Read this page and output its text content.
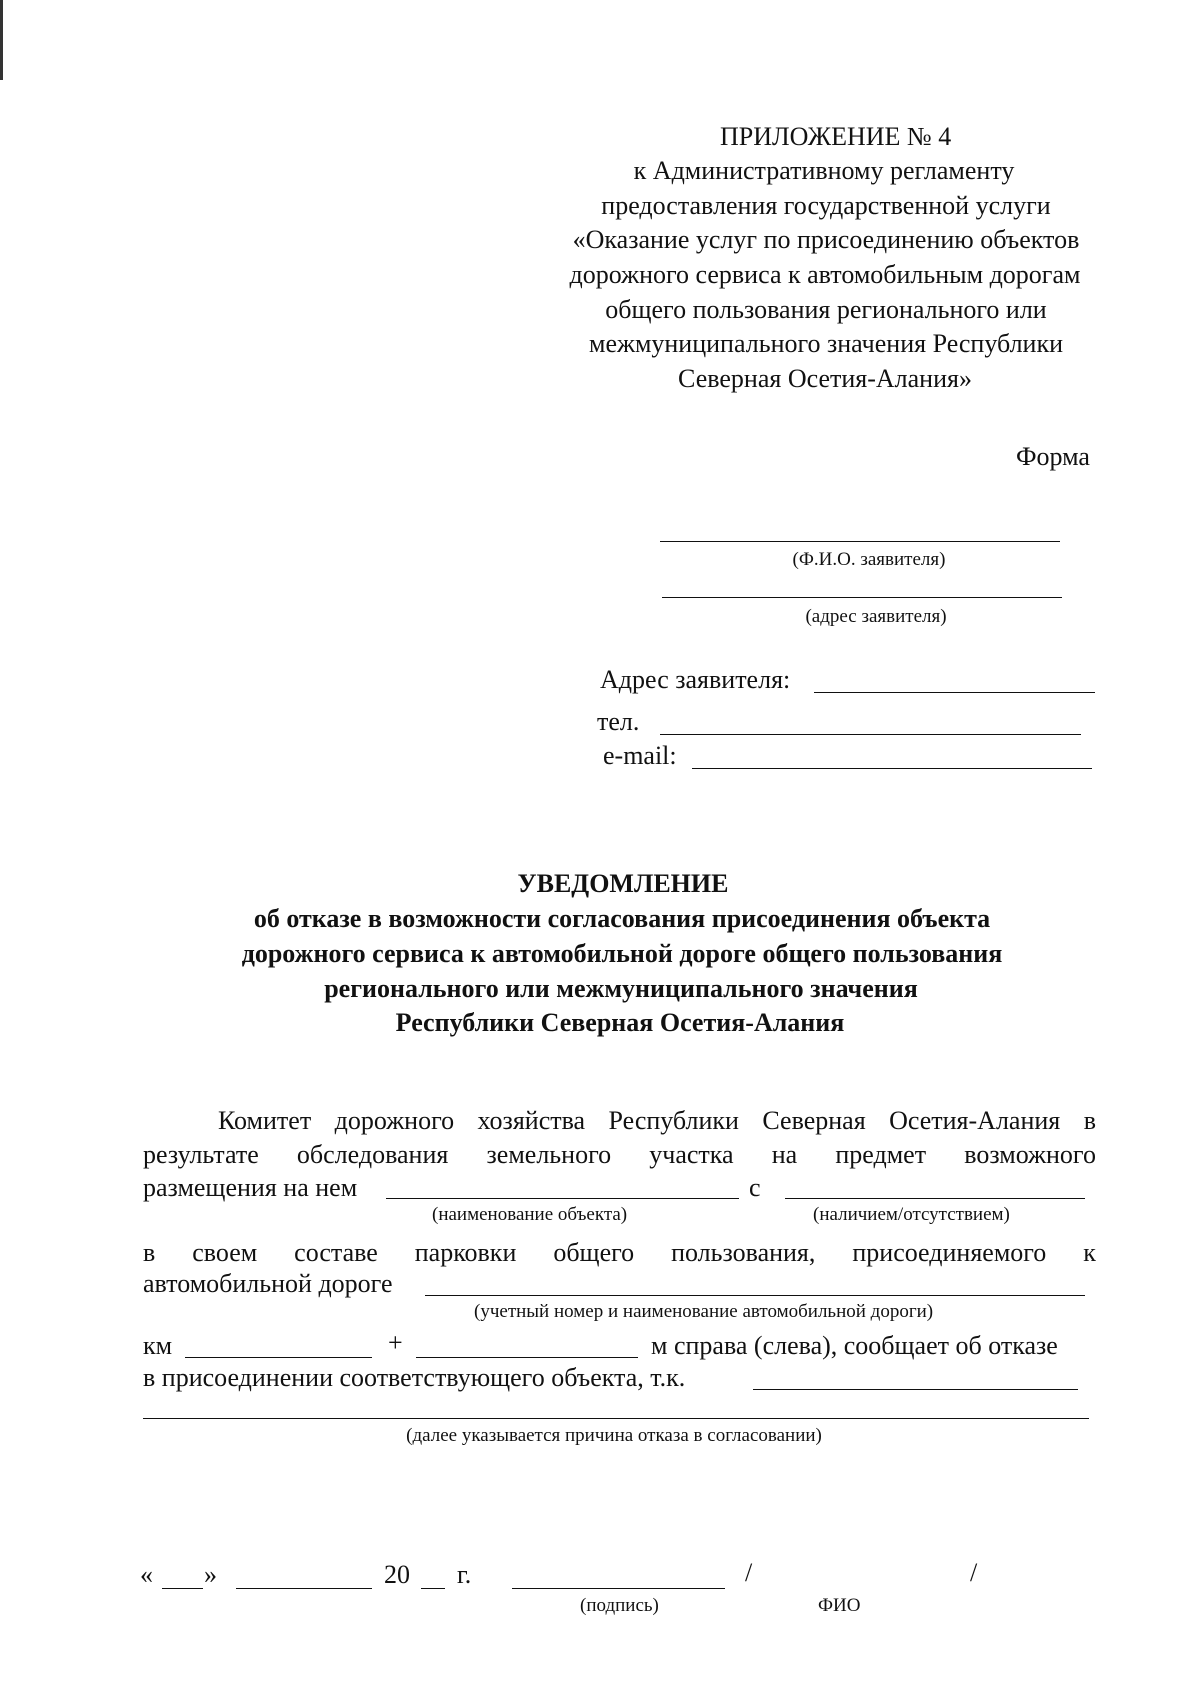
ПРИЛОЖЕНИЕ № 4
к Административному регламенту
предоставления государственной услуги
«Оказание услуг по присоединению объектов
дорожного сервиса к автомобильным дорогам
общего пользования регионального или
межмуниципального значения Республики
Северная Осетия-Алания»
Форма
(Ф.И.О. заявителя)
(адрес заявителя)
Адрес заявителя:
тел.
e-mail:
УВЕДОМЛЕНИЕ
об отказе в возможности согласования присоединения объекта
дорожного сервиса к автомобильной дороге общего пользования
регионального или межмуниципального значения
Республики Северная Осетия-Алания
Комитет дорожного хозяйства Республики Северная Осетия-Алания в
результате обследования земельного участка на предмет возможного
размещения на нем	с
(наименование объекта)	(наличием/отсутствием)
в своем составе парковки общего пользования, присоединяемого к
автомобильной дороге
(учетный номер и наименование автомобильной дороги)
км	+	м справа (слева), сообщает об отказе
в присоединении соответствующего объекта, т.к.
(далее указывается причина отказа в согласовании)
« »	20 г.	/	/
(подпись)	ФИО
